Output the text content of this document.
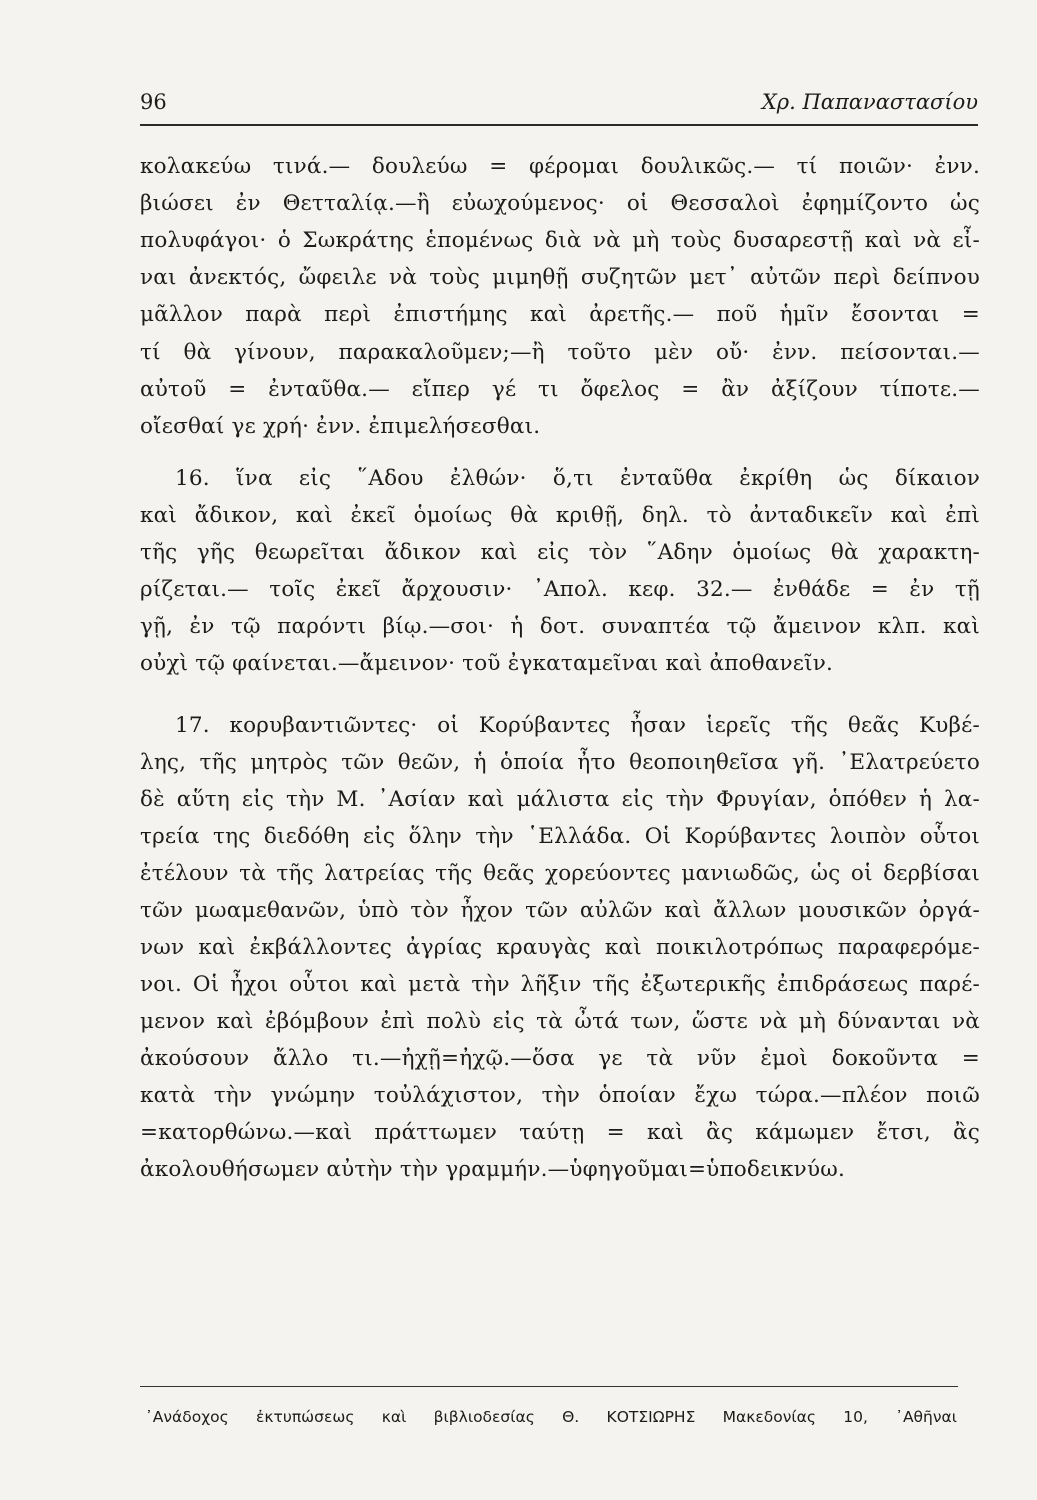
96	Χρ. Παπαναστασίου
κολακεύω τινά.— δουλεύω = φέρομαι δουλικῶς.— τί ποιῶν· ἐνν.
βιώσει ἐν Θετταλίᾳ.—ἢ εὐωχούμενος· οἱ Θεσσαλοὶ ἐφημίζοντο ὡς
πολυφάγοι· ὁ Σωκράτης ἑπομένως διὰ νὰ μὴ τοὺς δυσαρεστῇ καὶ νὰ εἶ-
ναι ἀνεκτός, ὤφειλε νὰ τοὺς μιμηθῇ συζητῶν μετ᾽ αὐτῶν περὶ δείπνου
μᾶλλον παρὰ περὶ ἐπιστήμης καὶ ἀρετῆς.— ποῦ ἡμῖν ἔσονται =
τί θὰ γίνουν, παρακαλοῦμεν;—ἢ τοῦτο μὲν οὔ· ἐνν. πείσονται.—
αὐτοῦ = ἐνταῦθα.— εἴπερ γέ τι ὄφελος = ἂν ἀξίζουν τίποτε.—
οἴεσθαί γε χρή· ἐνν. ἐπιμελήσεσθαι.
16. ἵνα εἰς ῞Αδου ἐλθών· ὅ,τι ἐνταῦθα ἐκρίθη ὡς δίκαιον
καὶ ἄδικον, καὶ ἐκεῖ ὁμοίως θὰ κριθῇ, δηλ. τὸ ἀνταδικεῖν καὶ ἐπὶ
τῆς γῆς θεωρεῖται ἄδικον καὶ εἰς τὸν ῞Αδην ὁμοίως θὰ χαρακτη-
ρίζεται.— τοῖς ἐκεῖ ἄρχουσιν· ᾿Απολ. κεφ. 32.— ἐνθάδε = ἐν τῇ
γῇ, ἐν τῷ παρόντι βίῳ.—σοι· ἡ δοτ. συναπτέα τῷ ἄμεινον κλπ. καὶ
οὐχὶ τῷ φαίνεται.—ἄμεινον· τοῦ ἐγκαταμεῖναι καὶ ἀποθανεῖν.
17. κορυβαντιῶντες· οἱ Κορύβαντες ἦσαν ἱερεῖς τῆς θεᾶς Κυβέ-
λης, τῆς μητρὸς τῶν θεῶν, ἡ ὁποία ἦτο θεοποιηθεῖσα γῆ. ᾿Ελατρεύετο
δὲ αὕτη εἰς τὴν Μ. ᾿Ασίαν καὶ μάλιστα εἰς τὴν Φρυγίαν, ὁπόθεν ἡ λα-
τρεία της διεδόθη εἰς ὅλην τὴν ῾Ελλάδα. Οἱ Κορύβαντες λοιπὸν οὗτοι
ἐτέλουν τὰ τῆς λατρείας τῆς θεᾶς χορεύοντες μανιωδῶς, ὡς οἱ δερβίσαι
τῶν μωαμεθανῶν, ὑπὸ τὸν ἦχον τῶν αὐλῶν καὶ ἄλλων μουσικῶν ὀργά-
νων καὶ ἐκβάλλοντες ἀγρίας κραυγὰς καὶ ποικιλοτρόπως παραφερόμε-
νοι. Οἱ ἦχοι οὗτοι καὶ μετὰ τὴν λῆξιν τῆς ἐξωτερικῆς ἐπιδράσεως παρέ-
μενον καὶ ἐβόμβουν ἐπὶ πολὺ εἰς τὰ ὦτά των, ὥστε νὰ μὴ δύνανται νὰ
ἀκούσουν ἄλλο τι.—ἠχῇ=ἠχῷ.—ὅσα γε τὰ νῦν ἐμοὶ δοκοῦντα =
κατὰ τὴν γνώμην τοὐλάχιστον, τὴν ὁποίαν ἔχω τώρα.—πλέον ποιῶ
=κατορθώνω.—καὶ πράττωμεν ταύτῃ = καὶ ἂς κάμωμεν ἔτσι, ἂς
ἀκολουθήσωμεν αὐτὴν τὴν γραμμήν.—ὑφηγοῦμαι=ὑποδεικνύω.
᾿Ανάδοχος ἐκτυπώσεως καὶ βιβλιοδεσίας Θ. ΚΟΤΣΙΩΡΗΣ Μακεδονίας 10, ᾿Αθῆναι
